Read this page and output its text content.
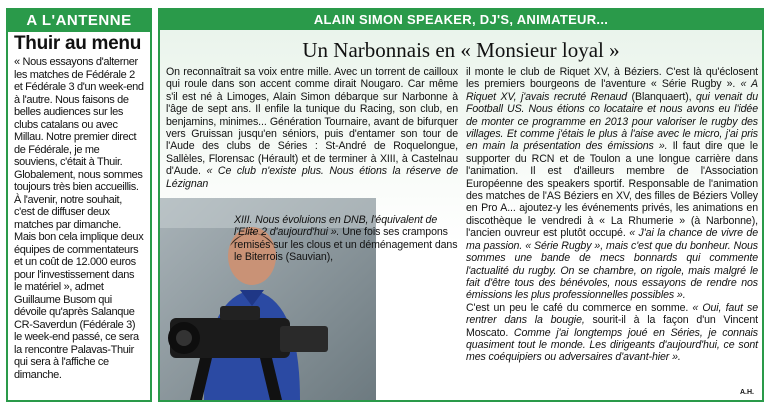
A L'ANTENNE
Thuir au menu
« Nous essayons d'alterner les matches de Fédérale 2 et Fédérale 3 d'un week-end à l'autre. Nous faisons de belles audiences sur les clubs catalans ou avec Millau. Notre premier direct de Fédérale, je me souviens, c'était à Thuir. Globalement, nous sommes toujours très bien accueillis. À l'avenir, notre souhait, c'est de diffuser deux matches par dimanche. Mais bon cela implique deux équipes de commentateurs et un coût de 12.000 euros pour l'investissement dans le matériel », admet Guillaume Busom qui dévoile qu'après Salanque CR-Saverdun (Fédérale 3) le week-end passé, ce sera la rencontre Palavas-Thuir qui sera à l'affiche ce dimanche.
ALAIN SIMON SPEAKER, DJ'S, ANIMATEUR...
Un Narbonnais en « Monsieur loyal »
On reconnaîtrait sa voix entre mille. Avec un torrent de cailloux qui roule dans son accent comme dirait Nougaro. Car même s'il est né à Limoges, Alain Simon débarque sur Narbonne à l'âge de sept ans. Il enfile la tunique du Racing, son club, en benjamins, minimes... Génération Tournaire, avant de bifurquer vers Gruissan jusqu'en séniors, puis d'entamer son tour de l'Aude des clubs de Séries : St-André de Roquelongue, Sallèles, Florensac (Hérault) et de terminer à XIII, à Castelnau d'Aude. « Ce club n'existe plus. Nous étions la réserve de Lézignan
XIII. Nous évoluions en DNB, l'équivalent de l'Elite 2 d'aujourd'hui ». Une fois ses crampons remisés sur les clous et un déménagement dans le Biterrois (Sauvian),
il monte le club de Riquet XV, à Béziers. C'est là qu'éclosent les premiers bourgeons de l'aventure « Série Rugby ». « A Riquet XV, j'avais recruté Renaud (Blanquaert), qui venait du Football US. Nous étions co locataire et nous avons eu l'idée de monter ce programme en 2013 pour valoriser le rugby des villages. Et comme j'étais le plus à l'aise avec le micro, j'ai pris en main la présentation des émissions ». Il faut dire que le supporter du RCN et de Toulon a une longue carrière dans l'animation. Il est d'ailleurs membre de l'Association Européenne des speakers sportif. Responsable de l'animation des matches de l'AS Béziers en XV, des filles de Béziers Volley en Pro A... ajoutez-y les événements privés, les animations en discothèque le vendredi à « La Rhumerie » (à Narbonne), l'ancien ouvreur est plutôt occupé. « J'ai la chance de vivre de ma passion. « Série Rugby », mais c'est que du bonheur. Nous sommes une bande de mecs bonnards qui commente l'actualité du rugby. On se chambre, on rigole, mais malgré le fait d'être tous des bénévoles, nous essayons de rendre nos émissions les plus professionnelles possibles ».
C'est un peu le café du commerce en somme. « Oui, faut se rentrer dans la bougie, sourit-il à la façon d'un Vincent Moscato. Comme j'ai longtemps joué en Séries, je connais quasiment tout le monde. Les dirigeants d'aujourd'hui, ce sont mes coéquipiers ou adversaires d'avant-hier ».
A.H.
